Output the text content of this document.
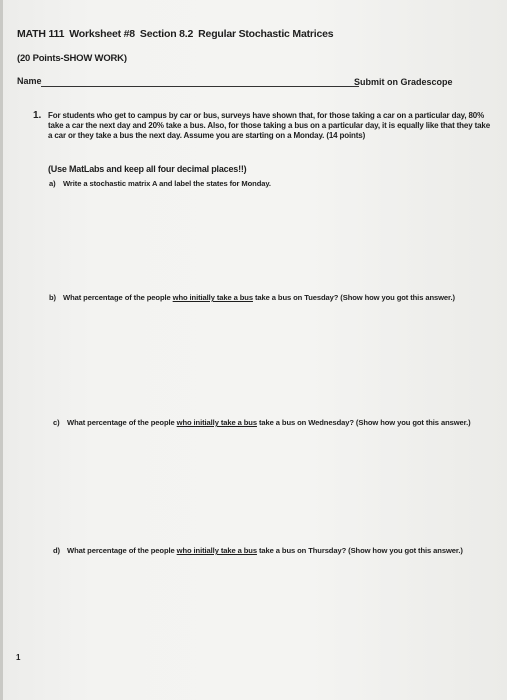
MATH 111 Worksheet #8 Section 8.2 Regular Stochastic Matrices
(20 Points-SHOW WORK)
Name	Submit on Gradescope
1. For students who get to campus by car or bus, surveys have shown that, for those taking a car on a particular day, 80% take a car the next day and 20% take a bus. Also, for those taking a bus on a particular day, it is equally like that they take a car or they take a bus the next day. Assume you are starting on a Monday. (14 points)
(Use MatLabs and keep all four decimal places!!)
a) Write a stochastic matrix A and label the states for Monday.
b) What percentage of the people who initially take a bus take a bus on Tuesday? (Show how you got this answer.)
c) What percentage of the people who initially take a bus take a bus on Wednesday? (Show how you got this answer.)
d) What percentage of the people who initially take a bus take a bus on Thursday? (Show how you got this answer.)
1
